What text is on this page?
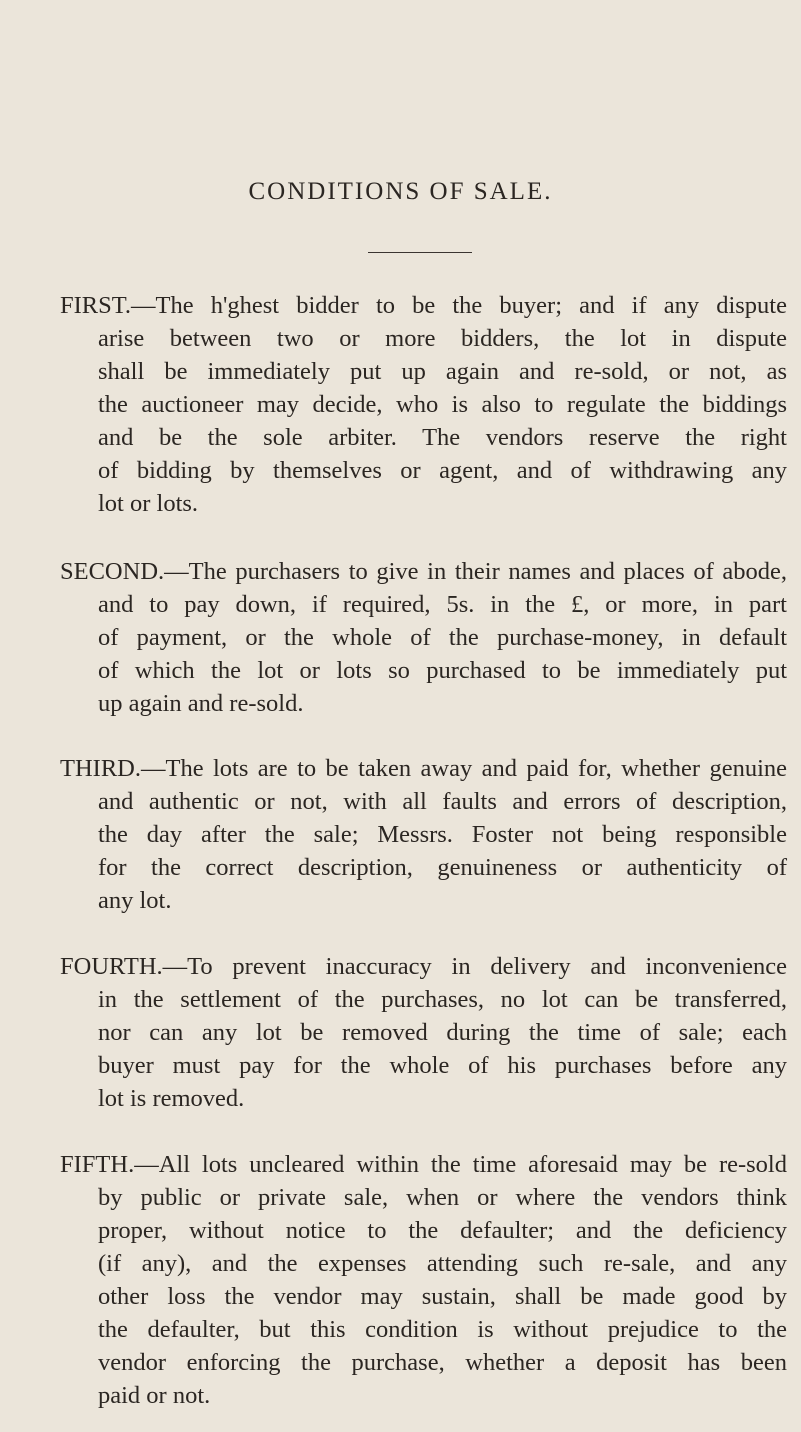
CONDITIONS OF SALE.
FIRST.—The h'ghest bidder to be the buyer; and if any dispute
arise between two or more bidders, the lot in dispute
shall be immediately put up again and re-sold, or not, as
the auctioneer may decide, who is also to regulate the biddings
and be the sole arbiter. The vendors reserve the right
of bidding by themselves or agent, and of withdrawing any
lot or lots.
SECOND.—The purchasers to give in their names and places of abode,
and to pay down, if required, 5s. in the £, or more, in part
of payment, or the whole of the purchase-money, in default
of which the lot or lots so purchased to be immediately put
up again and re-sold.
THIRD.—The lots are to be taken away and paid for, whether genuine
and authentic or not, with all faults and errors of description,
the day after the sale; Messrs. Foster not being responsible
for the correct description, genuineness or authenticity of
any lot.
FOURTH.—To prevent inaccuracy in delivery and inconvenience
in the settlement of the purchases, no lot can be transferred,
nor can any lot be removed during the time of sale; each
buyer must pay for the whole of his purchases before any
lot is removed.
FIFTH.—All lots uncleared within the time aforesaid may be re-sold
by public or private sale, when or where the vendors think
proper, without notice to the defaulter; and the deficiency
(if any), and the expenses attending such re-sale, and any
other loss the vendor may sustain, shall be made good by
the defaulter, but this condition is without prejudice to the
vendor enforcing the purchase, whether a deposit has been
paid or not.
